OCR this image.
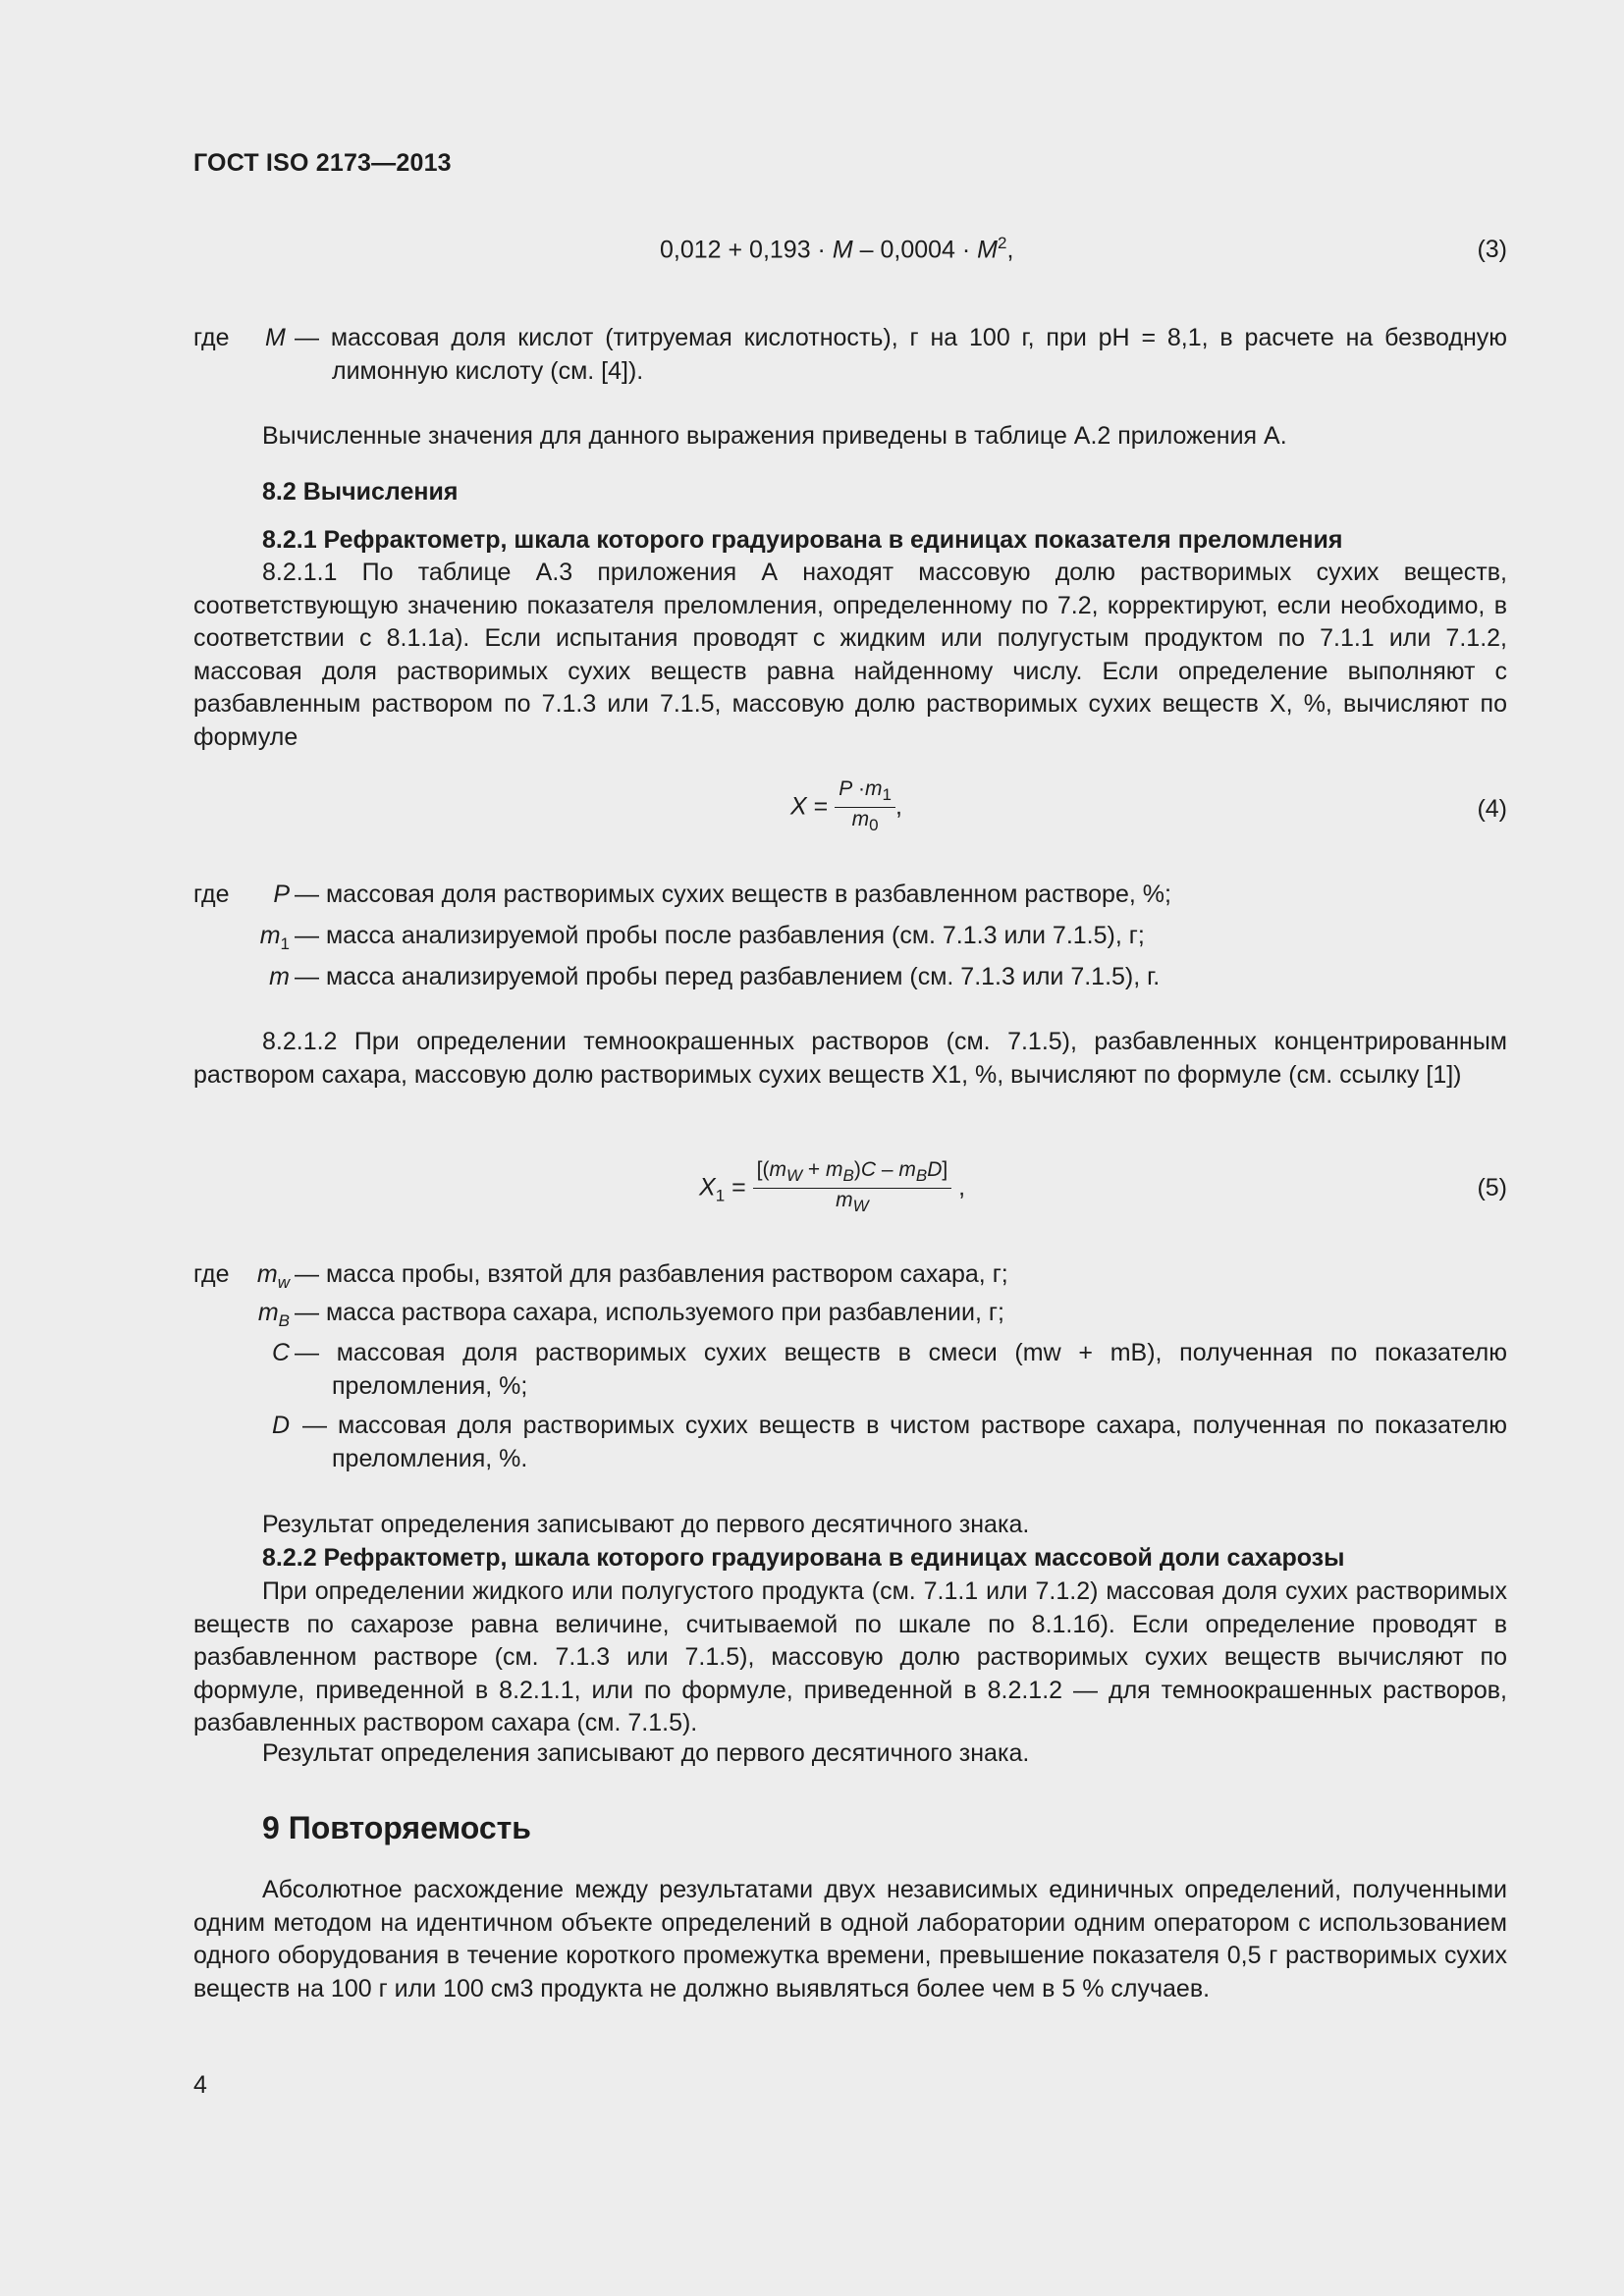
ГОСТ ISO 2173—2013
$0,012 + 0,193 \cdot M - 0,0004 \cdot M^2$,	(3)
где M — массовая доля кислот (титруемая кислотность), г на 100 г, при pH = 8,1, в расчете на безводную лимонную кислоту (см. [4]).
Вычисленные значения для данного выражения приведены в таблице А.2 приложения А.
8.2 Вычисления
8.2.1 Рефрактометр, шкала которого градуирована в единицах показателя преломления
8.2.1.1 По таблице А.3 приложения А находят массовую долю растворимых сухих веществ, соответствующую значению показателя преломления, определенному по 7.2, корректируют, если необходимо, в соответствии с 8.1.1а). Если испытания проводят с жидким или полугустым продуктом по 7.1.1 или 7.1.2, массовая доля растворимых сухих веществ равна найденному числу. Если определение выполняют с разбавленным раствором по 7.1.3 или 7.1.5, массовую долю растворимых сухих веществ X, %, вычисляют по формуле
$X = \frac{P \cdot m_1}{m_0}$ ,	(4)
где	P — массовая доля растворимых сухих веществ в разбавленном растворе, %;
$m_1$ — масса анализируемой пробы после разбавления (см. 7.1.3 или 7.1.5), г;
m — масса анализируемой пробы перед разбавлением (см. 7.1.3 или 7.1.5), г.
8.2.1.2 При определении темноокрашенных растворов (см. 7.1.5), разбавленных концентрированным раствором сахара, массовую долю растворимых сухих веществ X1, %, вычисляют по формуле (см. ссылку [1])
$X_1 = \frac{[(m_W + m_B)C - m_BD]}{m_W}$ ,	(5)
где	$m_w$ — масса пробы, взятой для разбавления раствором сахара, г;
$m_B$ — масса раствора сахара, используемого при разбавлении, г;
C — массовая доля растворимых сухих веществ в смеси (mw + mB), полученная по показателю преломления, %;
D — массовая доля растворимых сухих веществ в чистом растворе сахара, полученная по показателю преломления, %.
Результат определения записывают до первого десятичного знака.
8.2.2 Рефрактометр, шкала которого градуирована в единицах массовой доли сахарозы
При определении жидкого или полугустого продукта (см. 7.1.1 или 7.1.2) массовая доля сухих растворимых веществ по сахарозе равна величине, считываемой по шкале по 8.1.1б). Если определение проводят в разбавленном растворе (см. 7.1.3 или 7.1.5), массовую долю растворимых сухих веществ вычисляют по формуле, приведенной в 8.2.1.1, или по формуле, приведенной в 8.2.1.2 — для темноокрашенных растворов, разбавленных раствором сахара (см. 7.1.5).
Результат определения записывают до первого десятичного знака.
9 Повторяемость
Абсолютное расхождение между результатами двух независимых единичных определений, полученными одним методом на идентичном объекте определений в одной лаборатории одним оператором с использованием одного оборудования в течение короткого промежутка времени, превышение показателя 0,5 г растворимых сухих веществ на 100 г или 100 см3 продукта не должно выявляться более чем в 5 % случаев.
4
